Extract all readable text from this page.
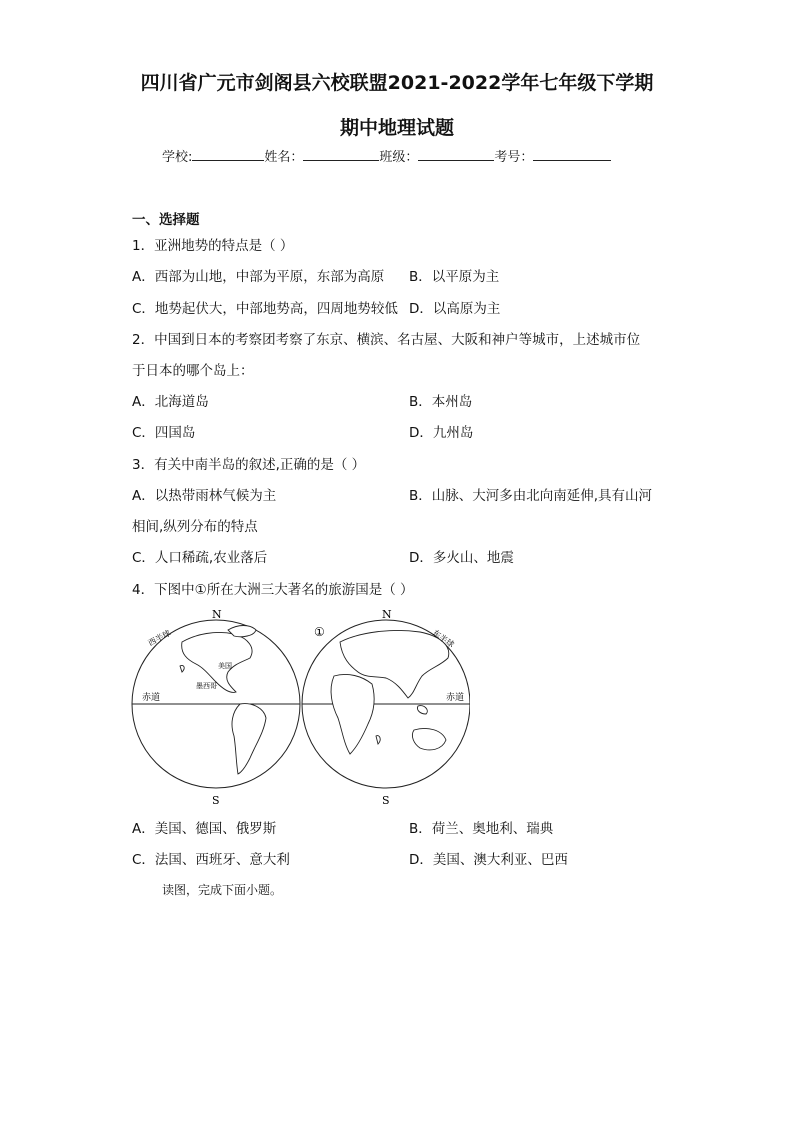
四川省广元市剑阁县六校联盟2021-2022学年七年级下学期
期中地理试题
学校:	姓名：	班级：	考号：
一、选择题
1．亚洲地势的特点是（ ）
A．西部为山地，中部为平原，东部为高原 B．以平原为主
C．地势起伏大，中部地势高，四周地势较低 D．以高原为主
2．中国到日本的考察团考察了东京、横滨、名古屋、大阪和神户等城市，上述城市位
于日本的哪个岛上：
A．北海道岛	B．本州岛
C．四国岛	D．九州岛
3．有关中南半岛的叙述,正确的是（ ）
A．以热带雨林气候为主	B．山脉、大河多由北向南延伸,具有山河
相间,纵列分布的特点
C．人口稀疏,农业落后	D．多火山、地震
4．下图中①所在大洲三大著名的旅游国是（ ）
N
S
N
S
西半球	东半球
赤道	赤道
美国
墨西哥
①
A．美国、德国、俄罗斯	B．荷兰、奥地利、瑞典
C．法国、西班牙、意大利	D．美国、澳大利亚、巴西
读图，完成下面小题。
